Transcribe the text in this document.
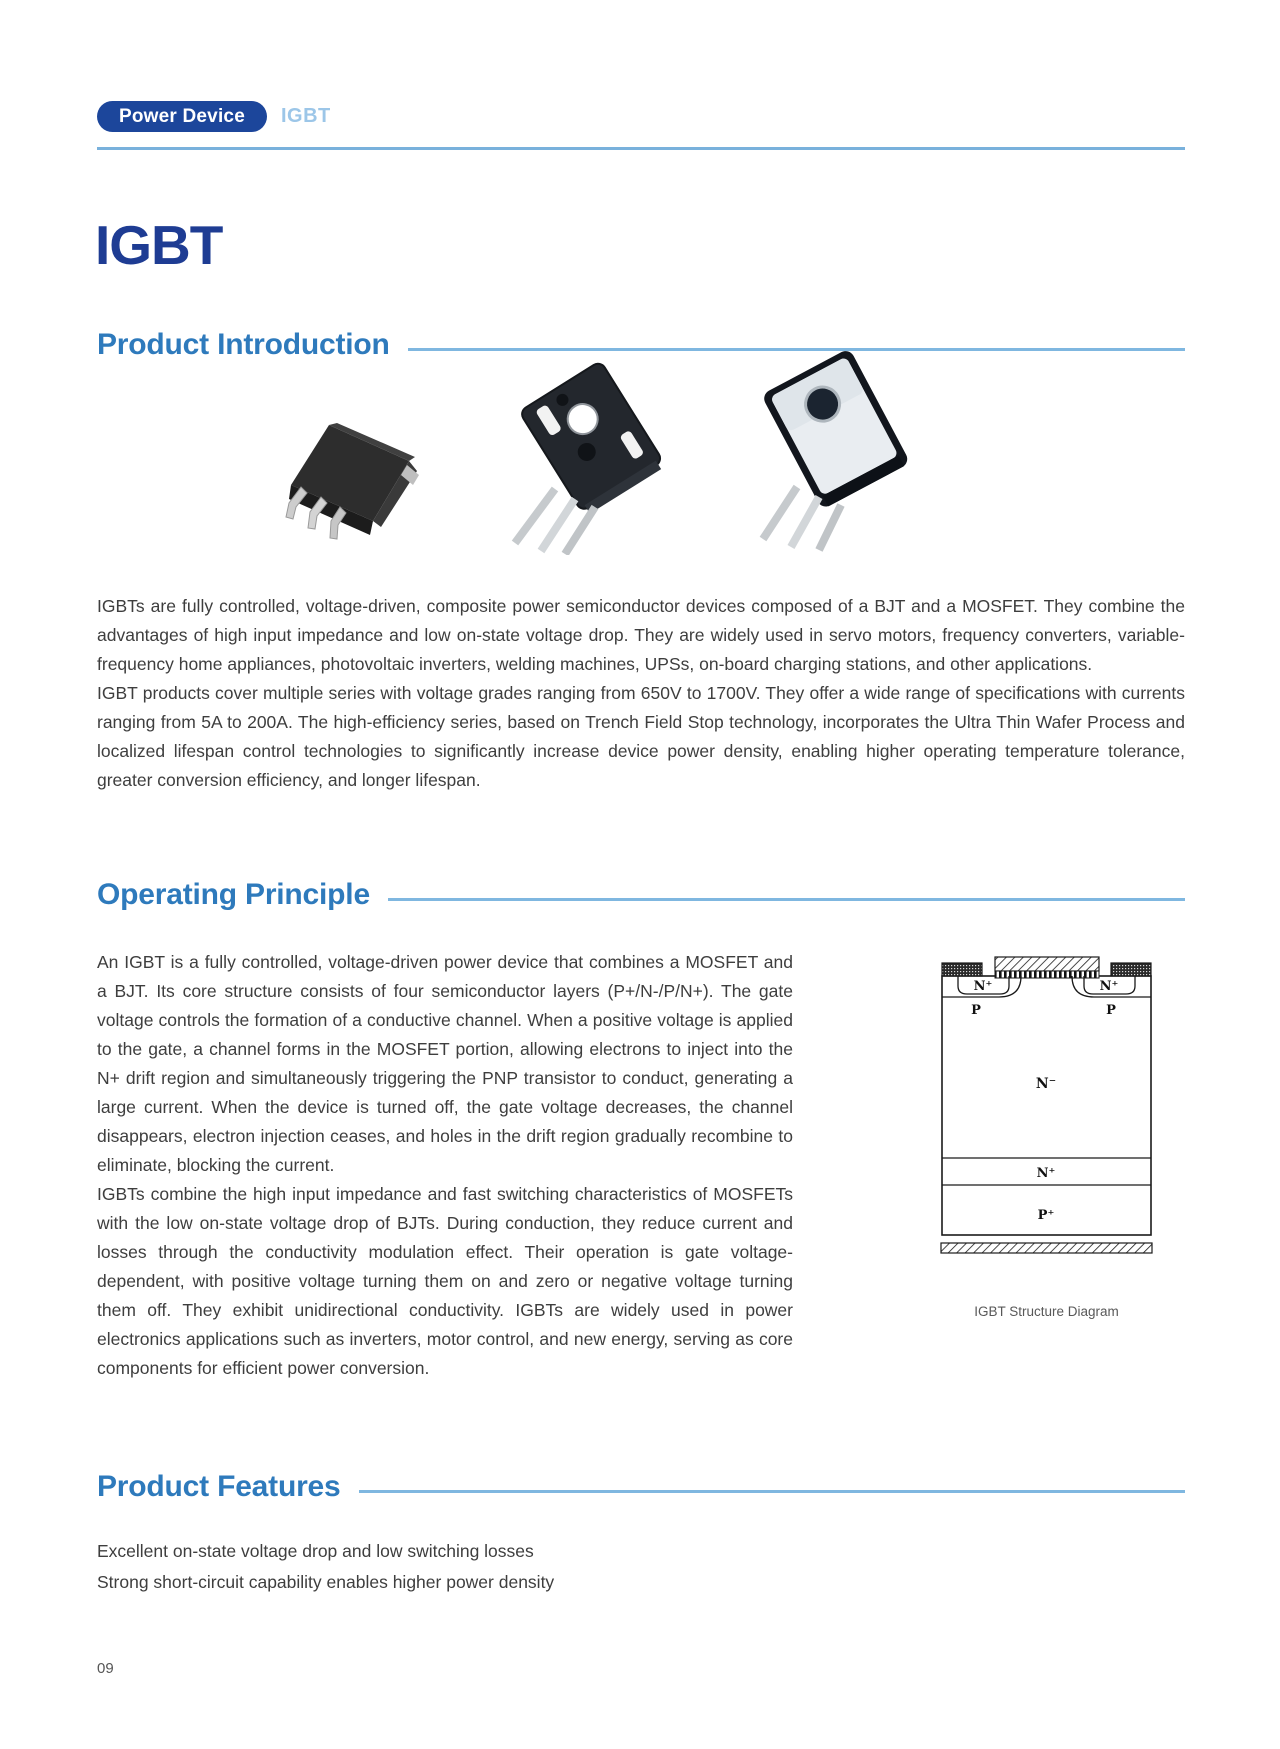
Power Device	IGBT
IGBT
Product Introduction

IGBTs are fully controlled, voltage-driven, composite power semiconductor devices composed of a BJT and a MOSFET. They combine the advantages of high input impedance and low on-state voltage drop. They are widely used in servo motors, frequency converters, variable-frequency home appliances, photovoltaic inverters, welding machines, UPSs, on-board charging stations, and other applications.

IGBT products cover multiple series with voltage grades ranging from 650V to 1700V. They offer a wide range of specifications with currents ranging from 5A to 200A. The high-efficiency series, based on Trench Field Stop technology, incorporates the Ultra Thin Wafer Process and localized lifespan control technologies to significantly increase device power density, enabling higher operating temperature tolerance, greater conversion efficiency, and longer lifespan.

Operating Principle
N⁺	N⁺
P	P
N⁻
N⁺
P⁺
IGBT Structure Diagram

An IGBT is a fully controlled, voltage-driven power device that combines a MOSFET and a BJT. Its core structure consists of four semiconductor layers (P+/N-/P/N+). The gate voltage controls the formation of a conductive channel. When a positive voltage is applied to the gate, a channel forms in the MOSFET portion, allowing electrons to inject into the N+ drift region and simultaneously triggering the PNP transistor to conduct, generating a large current. When the device is turned off, the gate voltage decreases, the channel disappears, electron injection ceases, and holes in the drift region gradually recombine to eliminate, blocking the current.

IGBTs combine the high input impedance and fast switching characteristics of MOSFETs with the low on-state voltage drop of BJTs. During conduction, they reduce current and losses through the conductivity modulation effect. Their operation is gate voltage-dependent, with positive voltage turning them on and zero or negative voltage turning them off. They exhibit unidirectional conductivity. IGBTs are widely used in power electronics applications such as inverters, motor control, and new energy, serving as core components for efficient power conversion.

Product Features
Excellent on-state voltage drop and low switching losses
Strong short-circuit capability enables higher power density
09
